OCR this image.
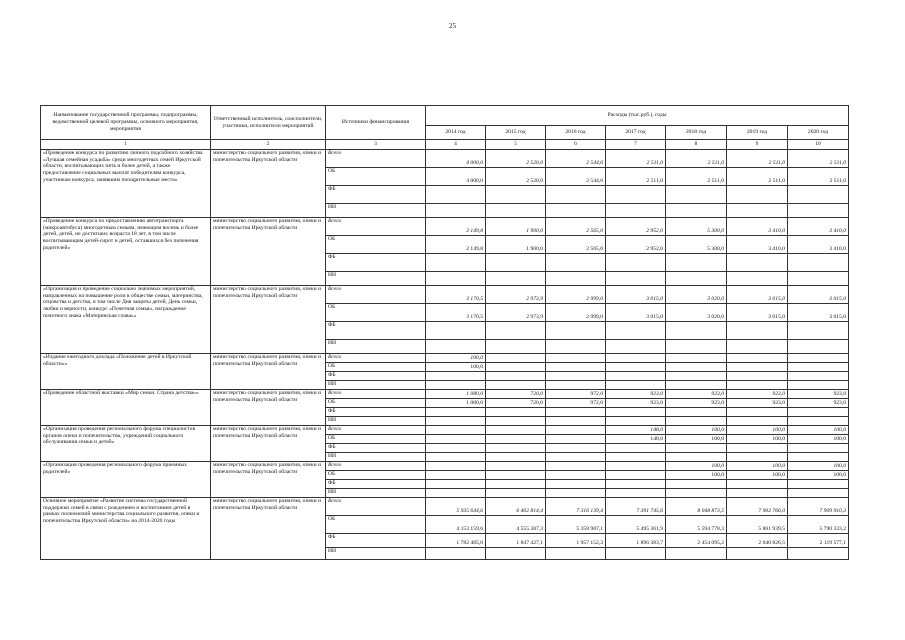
25
Наименование государственной программы, подпрограммы, ведомственной целевой программы, основного мероприятия, мероприятия	Ответственный исполнитель, соисполнители, участники, исполнители мероприятий	Источники финансирования	Расходы (тыс.руб.), годы						
			2014 год	2015 год	2016 год	2017 год	2018 год	2019 год	2020 год
1	2	3	4	5	6	7	8	9	10
«Проведение конкурса по развитию личного подсобного хозяйства «Лучшая семейная усадьба» среди многодетных семей Иркутской области, воспитывающих пять и более детей, а также предоставление социальных выплат победителям конкурса, участникам конкурса, занявшим поощрительные места»	министерство социального развития, опеки и попечительства Иркутской области	Всего	4 000,0	2 520,0	2 544,6	2 511,0	2 511,0	2 511,0	2 511,0
		ОБ	4 000,0	2 520,0	2 544,6	2 511,0	2 511,0	2 511,0	2 511,0
		ФБ							
		ИИ							
«Проведение конкурса по предоставлению автотранспорта (микроавтобуса) многодетным семьям, имеющим восемь и более детей, детей, не достигших возраста 18 лет, в том числе воспитывающим детей-сирот и детей, оставшихся без попечения родителей»	министерство социального развития, опеки и попечительства Иркутской области	Всего	2 149,8	1 900,0	2 565,0	2 952,0	5 300,0	3 410,0	3 410,0
		ОБ	2 149,8	1 900,0	2 565,0	2 952,0	5 300,0	3 410,0	3 410,0
		ФБ							
		ИИ							
«Организация и проведение социально значимых мероприятий, направленных на повышение роли в обществе семьи, материнства, отцовства и детства, в том числе Дня защиты детей, День семьи, любви и верности, конкурс «Почетная семья», награждение почетного знака «Материнская слава»»	министерство социального развития, опеки и попечительства Иркутской области	Всего	3 170,5	2 973,9	2 999,0	3 015,0	3 020,0	3 015,0	3 015,0
		ОБ	3 170,5	2 973,9	2 999,0	3 015,0	3 020,0	3 015,0	3 015,0
		ФБ							
		ИИ							
«Издание ежегодного доклада «Положение детей в Иркутской области»»	министерство социального развития, опеки и попечительства Иркутской области	Всего	100,0						
		ОБ	100,0						
		ФБ							
		ИИ							
«Проведение областной выставки «Мир семьи. Страна детства»»	министерство социального развития, опеки и попечительства Иркутской области	Всего	1 080,0	720,0	972,0	923,0	923,0	923,0	923,0
		ОБ	1 080,0	720,0	972,0	923,0	923,0	923,0	923,0
		ФБ							
		ИИ							
«Организация проведения регионального форума специалистов органов опеки и попечительства, учреждений социального обслуживания семьи и детей»	министерство социального развития, опеки и попечительства Иркутской области	Всего				148,0	100,0	100,0	100,0
		ОБ				148,0	100,0	100,0	100,0
		ФБ							
		ИИ							
«Организация проведения регионального форума приемных родителей»	министерство социального развития, опеки и попечительства Иркутской области	Всего					100,0	100,0	100,0
		ОБ					100,0	100,0	100,0
		ФБ							
		ИИ							
Основное мероприятие «Развитие системы государственной поддержки семей в связи с рождением и воспитанием детей в рамках полномочий министерства социального развития, опеки и попечительства Иркутской области» на 2014-2020 годы	министерство социального развития, опеки и попечительства Иркутской области	Всего	5 935 644,6	6 402 814,4	7 316 139,4	7 391 745,6	8 048 873,5	7 902 766,0	7 909 910,3
		ОБ	4 153 159,6	4 555 387,3	5 358 987,1	5 495 361,9	5 594 778,3	5 861 939,5	5 790 333,2
		ФБ	1 782 485,0	1 847 427,1	1 957 152,3	1 896 383,7	2 454 095,2	2 040 826,5	2 119 577,1
		ИИ							
